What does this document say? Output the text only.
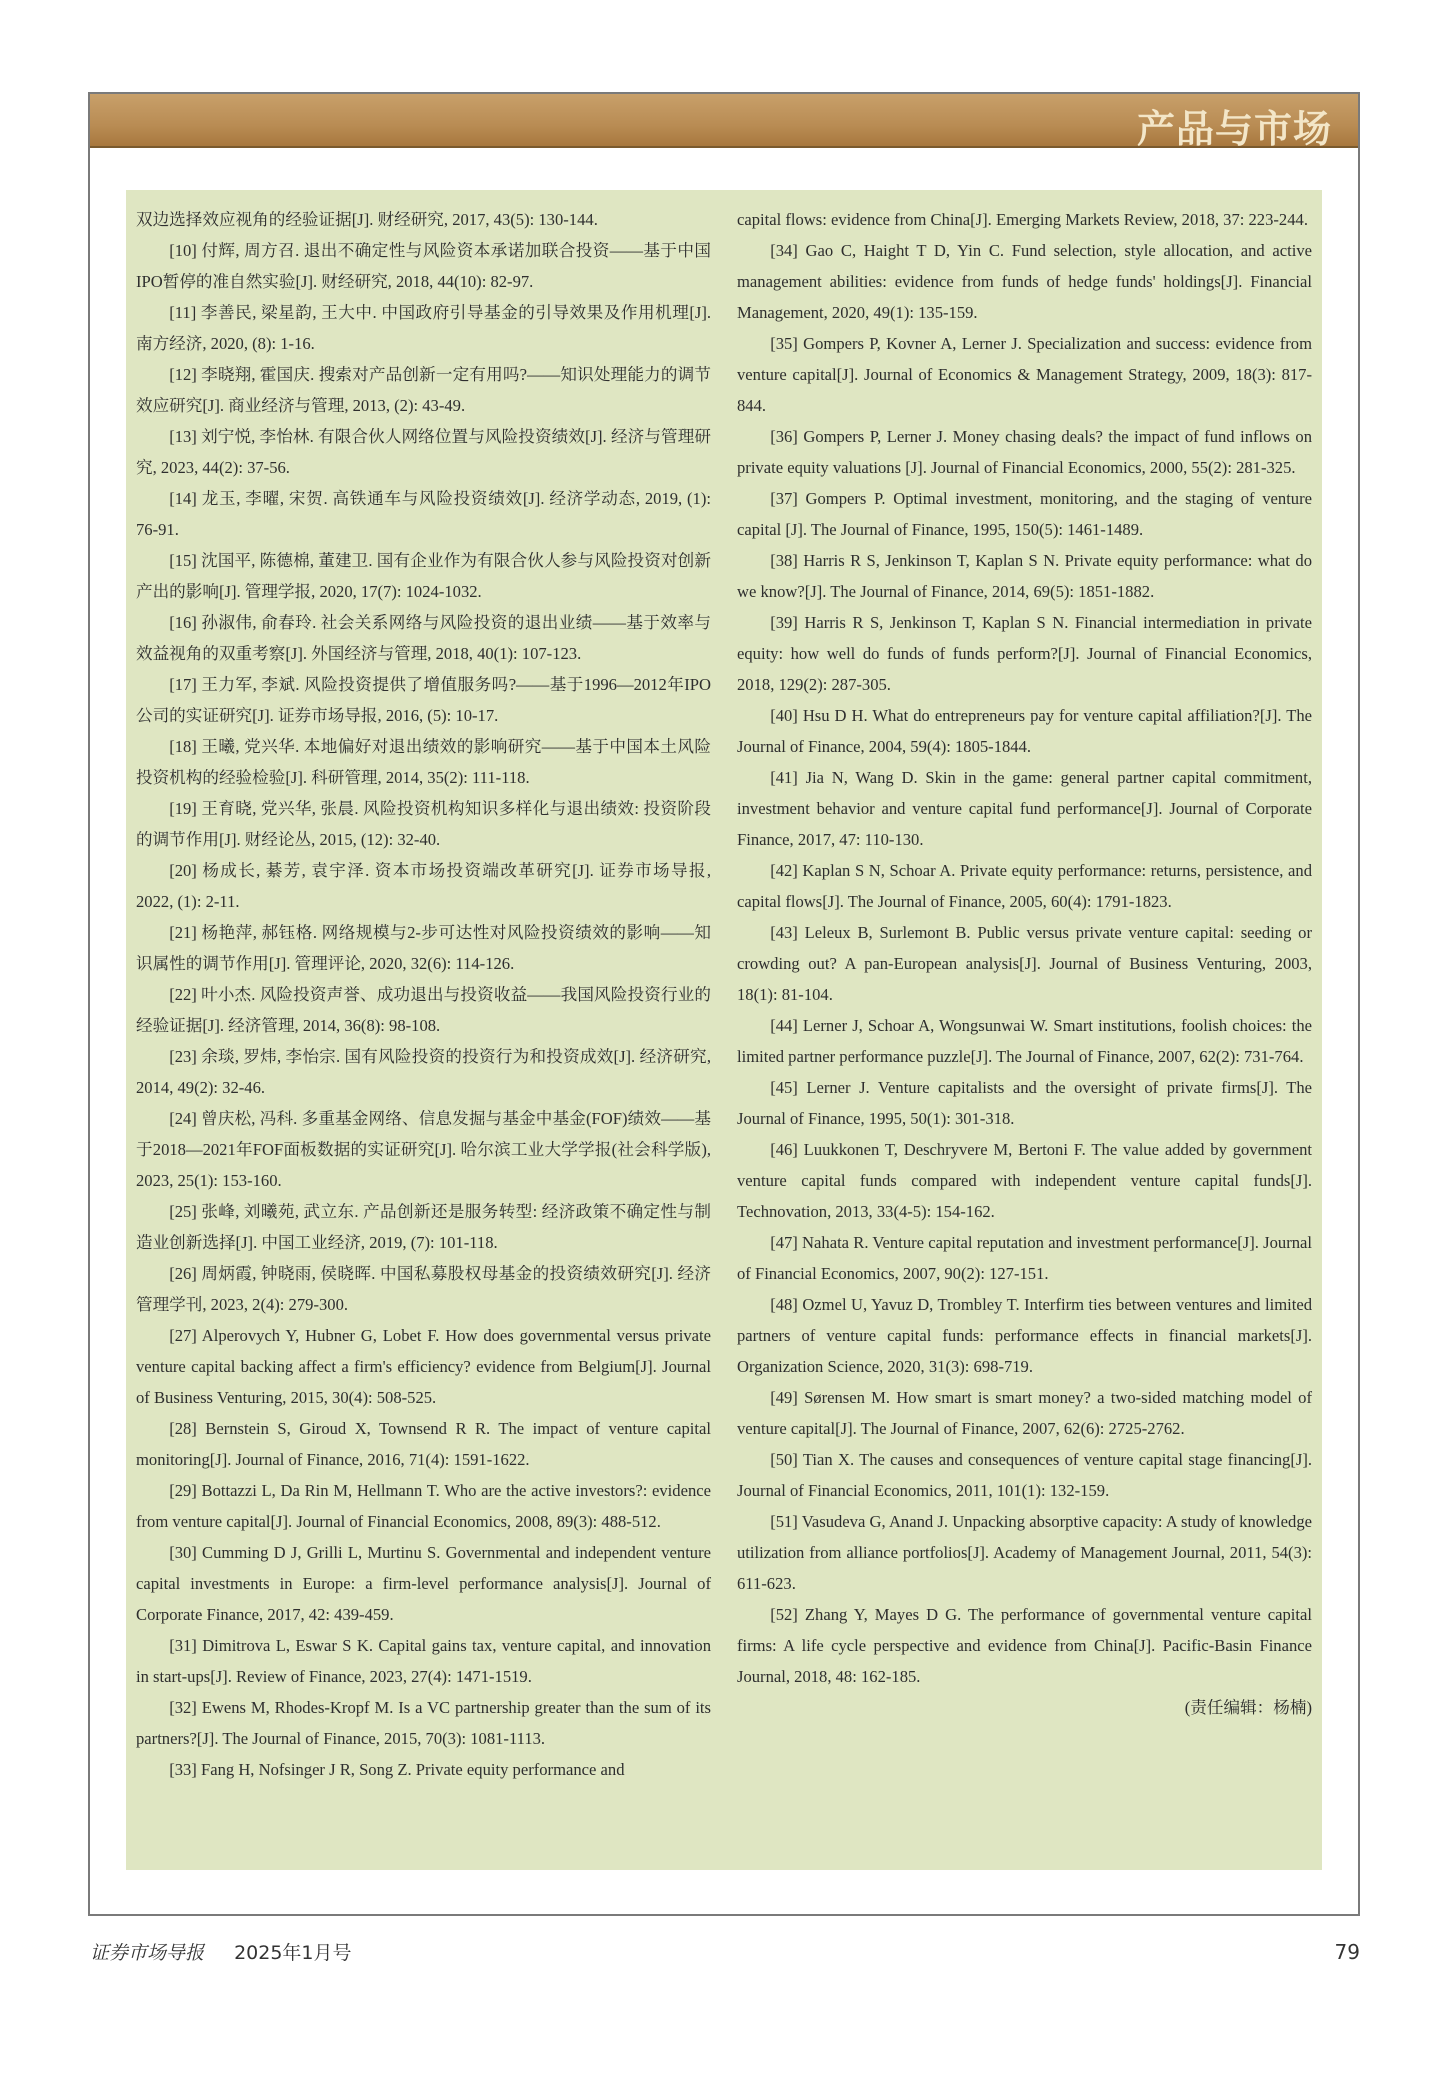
产品与市场

双边选择效应视角的经验证据[J]. 财经研究, 2017, 43(5): 130-144.

[10] 付辉, 周方召. 退出不确定性与风险资本承诺加联合投资——基于中国IPO暂停的准自然实验[J]. 财经研究, 2018, 44(10): 82-97.

[11] 李善民, 梁星韵, 王大中. 中国政府引导基金的引导效果及作用机理[J]. 南方经济, 2020, (8): 1-16.

[12] 李晓翔, 霍国庆. 搜索对产品创新一定有用吗?——知识处理能力的调节效应研究[J]. 商业经济与管理, 2013, (2): 43-49.

[13] 刘宁悦, 李怡林. 有限合伙人网络位置与风险投资绩效[J]. 经济与管理研究, 2023, 44(2): 37-56.

[14] 龙玉, 李曜, 宋贺. 高铁通车与风险投资绩效[J]. 经济学动态, 2019, (1): 76-91.

[15] 沈国平, 陈德棉, 董建卫. 国有企业作为有限合伙人参与风险投资对创新产出的影响[J]. 管理学报, 2020, 17(7): 1024-1032.

[16] 孙淑伟, 俞春玲. 社会关系网络与风险投资的退出业绩——基于效率与效益视角的双重考察[J]. 外国经济与管理, 2018, 40(1): 107-123.

[17] 王力军, 李斌. 风险投资提供了增值服务吗?——基于1996—2012年IPO公司的实证研究[J]. 证券市场导报, 2016, (5): 10-17.

[18] 王曦, 党兴华. 本地偏好对退出绩效的影响研究——基于中国本土风险投资机构的经验检验[J]. 科研管理, 2014, 35(2): 111-118.

[19] 王育晓, 党兴华, 张晨. 风险投资机构知识多样化与退出绩效: 投资阶段的调节作用[J]. 财经论丛, 2015, (12): 32-40.

[20] 杨成长, 綦芳, 袁宇泽. 资本市场投资端改革研究[J]. 证券市场导报, 2022, (1): 2-11.

[21] 杨艳萍, 郝钰格. 网络规模与2-步可达性对风险投资绩效的影响——知识属性的调节作用[J]. 管理评论, 2020, 32(6): 114-126.

[22] 叶小杰. 风险投资声誉、成功退出与投资收益——我国风险投资行业的经验证据[J]. 经济管理, 2014, 36(8): 98-108.

[23] 余琰, 罗炜, 李怡宗. 国有风险投资的投资行为和投资成效[J]. 经济研究, 2014, 49(2): 32-46.

[24] 曾庆松, 冯科. 多重基金网络、信息发掘与基金中基金(FOF)绩效——基于2018—2021年FOF面板数据的实证研究[J]. 哈尔滨工业大学学报(社会科学版), 2023, 25(1): 153-160.

[25] 张峰, 刘曦苑, 武立东. 产品创新还是服务转型: 经济政策不确定性与制造业创新选择[J]. 中国工业经济, 2019, (7): 101-118.

[26] 周炳霞, 钟晓雨, 侯晓晖. 中国私募股权母基金的投资绩效研究[J]. 经济管理学刊, 2023, 2(4): 279-300.

[27] Alperovych Y, Hubner G, Lobet F. How does governmental versus private venture capital backing affect a firm's efficiency? evidence from Belgium[J]. Journal of Business Venturing, 2015, 30(4): 508-525.

[28] Bernstein S, Giroud X, Townsend R R. The impact of venture capital monitoring[J]. Journal of Finance, 2016, 71(4): 1591-1622.

[29] Bottazzi L, Da Rin M, Hellmann T. Who are the active investors?: evidence from venture capital[J]. Journal of Financial Economics, 2008, 89(3): 488-512.

[30] Cumming D J, Grilli L, Murtinu S. Governmental and independent venture capital investments in Europe: a firm-level performance analysis[J]. Journal of Corporate Finance, 2017, 42: 439-459.

[31] Dimitrova L, Eswar S K. Capital gains tax, venture capital, and innovation in start-ups[J]. Review of Finance, 2023, 27(4): 1471-1519.

[32] Ewens M, Rhodes-Kropf M. Is a VC partnership greater than the sum of its partners?[J]. The Journal of Finance, 2015, 70(3): 1081-1113.

[33] Fang H, Nofsinger J R, Song Z. Private equity performance and

capital flows: evidence from China[J]. Emerging Markets Review, 2018, 37: 223-244.

[34] Gao C, Haight T D, Yin C. Fund selection, style allocation, and active management abilities: evidence from funds of hedge funds' holdings[J]. Financial Management, 2020, 49(1): 135-159.

[35] Gompers P, Kovner A, Lerner J. Specialization and success: evidence from venture capital[J]. Journal of Economics & Management Strategy, 2009, 18(3): 817-844.

[36] Gompers P, Lerner J. Money chasing deals? the impact of fund inflows on private equity valuations [J]. Journal of Financial Economics, 2000, 55(2): 281-325.

[37] Gompers P. Optimal investment, monitoring, and the staging of venture capital [J]. The Journal of Finance, 1995, 150(5): 1461-1489.

[38] Harris R S, Jenkinson T, Kaplan S N. Private equity performance: what do we know?[J]. The Journal of Finance, 2014, 69(5): 1851-1882.

[39] Harris R S, Jenkinson T, Kaplan S N. Financial intermediation in private equity: how well do funds of funds perform?[J]. Journal of Financial Economics, 2018, 129(2): 287-305.

[40] Hsu D H. What do entrepreneurs pay for venture capital affiliation?[J]. The Journal of Finance, 2004, 59(4): 1805-1844.

[41] Jia N, Wang D. Skin in the game: general partner capital commitment, investment behavior and venture capital fund performance[J]. Journal of Corporate Finance, 2017, 47: 110-130.

[42] Kaplan S N, Schoar A. Private equity performance: returns, persistence, and capital flows[J]. The Journal of Finance, 2005, 60(4): 1791-1823.

[43] Leleux B, Surlemont B. Public versus private venture capital: seeding or crowding out? A pan-European analysis[J]. Journal of Business Venturing, 2003, 18(1): 81-104.

[44] Lerner J, Schoar A, Wongsunwai W. Smart institutions, foolish choices: the limited partner performance puzzle[J]. The Journal of Finance, 2007, 62(2): 731-764.

[45] Lerner J. Venture capitalists and the oversight of private firms[J]. The Journal of Finance, 1995, 50(1): 301-318.

[46] Luukkonen T, Deschryvere M, Bertoni F. The value added by government venture capital funds compared with independent venture capital funds[J]. Technovation, 2013, 33(4-5): 154-162.

[47] Nahata R. Venture capital reputation and investment performance[J]. Journal of Financial Economics, 2007, 90(2): 127-151.

[48] Ozmel U, Yavuz D, Trombley T. Interfirm ties between ventures and limited partners of venture capital funds: performance effects in financial markets[J]. Organization Science, 2020, 31(3): 698-719.

[49] Sørensen M. How smart is smart money? a two-sided matching model of venture capital[J]. The Journal of Finance, 2007, 62(6): 2725-2762.

[50] Tian X. The causes and consequences of venture capital stage financing[J]. Journal of Financial Economics, 2011, 101(1): 132-159.

[51] Vasudeva G, Anand J. Unpacking absorptive capacity: A study of knowledge utilization from alliance portfolios[J]. Academy of Management Journal, 2011, 54(3): 611-623.

[52] Zhang Y, Mayes D G. The performance of governmental venture capital firms: A life cycle perspective and evidence from China[J]. Pacific-Basin Finance Journal, 2018, 48: 162-185.

(责任编辑：杨楠)

证券市场导报 2025年1月号	79
